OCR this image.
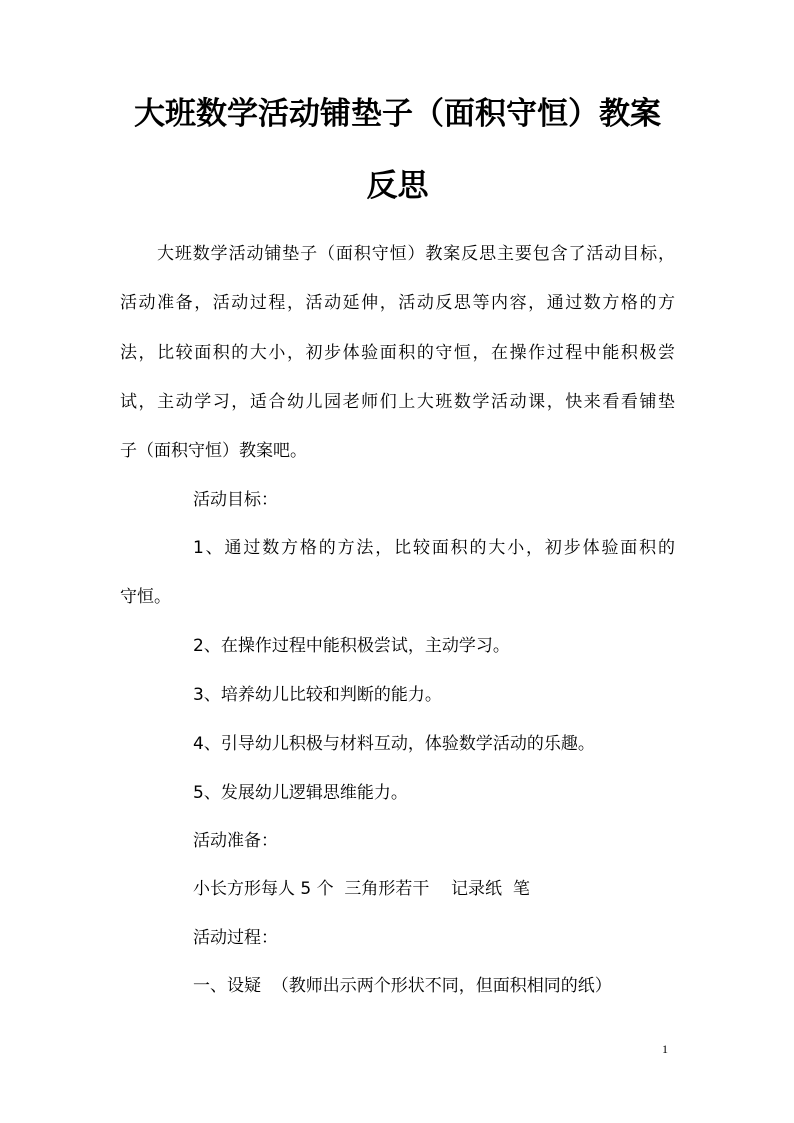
大班数学活动铺垫子（面积守恒）教案
反思
大班数学活动铺垫子（面积守恒）教案反思主要包含了活动目标，
活动准备，活动过程，活动延伸，活动反思等内容，通过数方格的方
法，比较面积的大小，初步体验面积的守恒，在操作过程中能积极尝
试，主动学习，适合幼儿园老师们上大班数学活动课，快来看看铺垫
子（面积守恒）教案吧。
活动目标：
1、通过数方格的方法，比较面积的大小，初步体验面积的
守恒。
2、在操作过程中能积极尝试，主动学习。
3、培养幼儿比较和判断的能力。
4、引导幼儿积极与材料互动，体验数学活动的乐趣。
5、发展幼儿逻辑思维能力。
活动准备：
小长方形每人 5 个  三角形若干    记录纸  笔
活动过程：
一、设疑  （教师出示两个形状不同，但面积相同的纸）
1
